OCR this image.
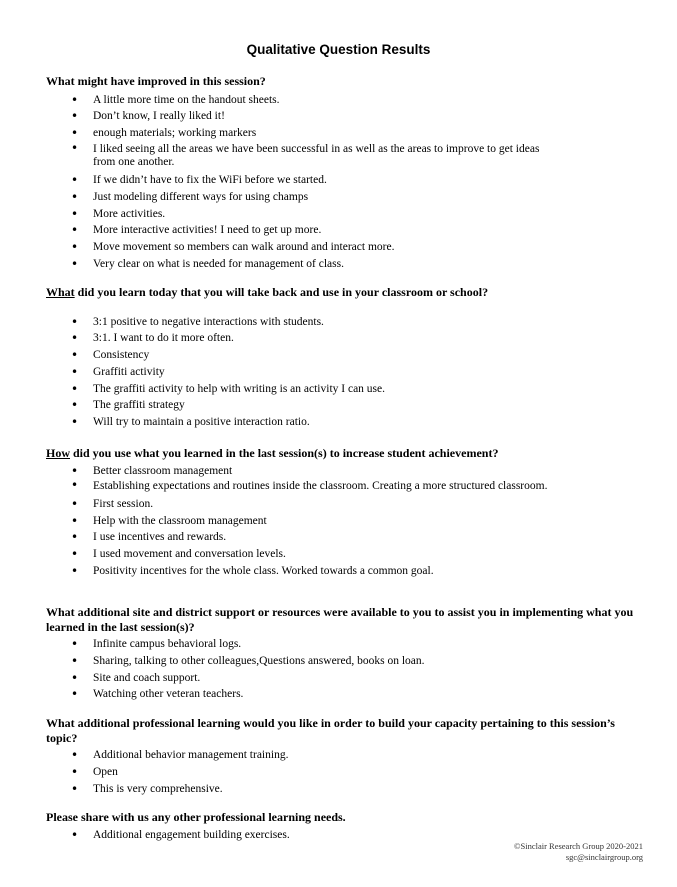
Qualitative Question Results
What might have improved in this session?
• A little more time on the handout sheets.
• Don’t know, I really liked it!
• enough materials; working markers
• I liked seeing all the areas we have been successful in as well as the areas to improve to get ideas from one another.
• If we didn’t have to fix the WiFi before we started.
• Just modeling different ways for using champs
• More activities.
• More interactive activities! I need to get up more.
• Move movement so members can walk around and interact more.
• Very clear on what is needed for management of class.
What did you learn today that you will take back and use in your classroom or school?
• 3:1 positive to negative interactions with students.
• 3:1. I want to do it more often.
• Consistency
• Graffiti activity
• The graffiti activity to help with writing is an activity I can use.
• The graffiti strategy
• Will try to maintain a positive interaction ratio.
How did you use what you learned in the last session(s) to increase student achievement?
• Better classroom management
• Establishing expectations and routines inside the classroom. Creating a more structured classroom.
• First session.
• Help with the classroom management
• I use incentives and rewards.
• I used movement and conversation levels.
• Positivity incentives for the whole class. Worked towards a common goal.
What additional site and district support or resources were available to you to assist you in implementing what you learned in the last session(s)?
• Infinite campus behavioral logs.
• Sharing, talking to other colleagues,Questions answered, books on loan.
• Site and coach support.
• Watching other veteran teachers.
What additional professional learning would you like in order to build your capacity pertaining to this session’s topic?
• Additional behavior management training.
• Open
• This is very comprehensive.
Please share with us any other professional learning needs.
• Additional engagement building exercises.
©Sinclair Research Group 2020-2021
sgc@sinclairgroup.org
